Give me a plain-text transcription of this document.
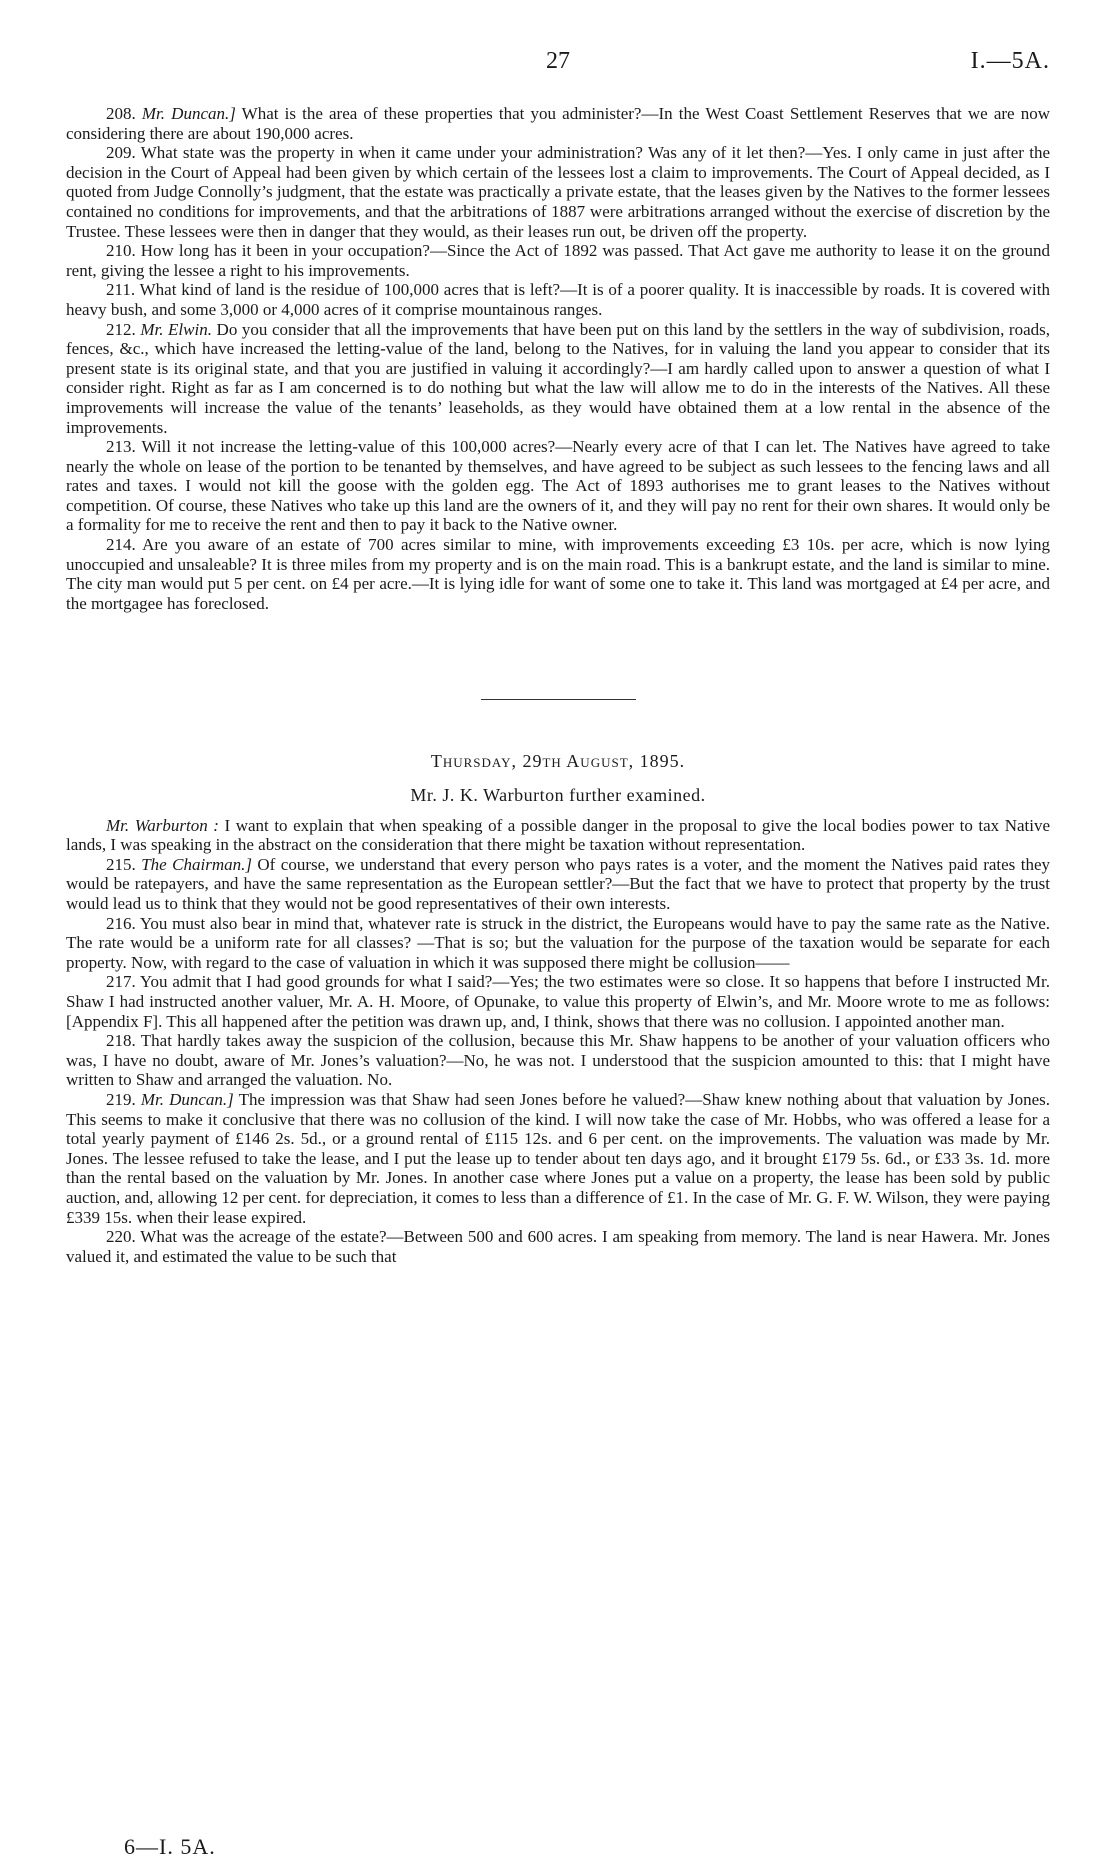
27	I.—5A.

208. Mr. Duncan.] What is the area of these properties that you administer?—In the West Coast Settlement Reserves that we are now considering there are about 190,000 acres.

209. What state was the property in when it came under your administration? Was any of it let then?—Yes. I only came in just after the decision in the Court of Appeal had been given by which certain of the lessees lost a claim to improvements. The Court of Appeal decided, as I quoted from Judge Connolly’s judgment, that the estate was practically a private estate, that the leases given by the Natives to the former lessees contained no conditions for improvements, and that the arbitrations of 1887 were arbitrations arranged without the exercise of discretion by the Trustee. These lessees were then in danger that they would, as their leases run out, be driven off the property.

210. How long has it been in your occupation?—Since the Act of 1892 was passed. That Act gave me authority to lease it on the ground rent, giving the lessee a right to his improvements.

211. What kind of land is the residue of 100,000 acres that is left?—It is of a poorer quality. It is inaccessible by roads. It is covered with heavy bush, and some 3,000 or 4,000 acres of it comprise mountainous ranges.

212. Mr. Elwin. Do you consider that all the improvements that have been put on this land by the settlers in the way of subdivision, roads, fences, &c., which have increased the letting-value of the land, belong to the Natives, for in valuing the land you appear to consider that its present state is its original state, and that you are justified in valuing it accordingly?—I am hardly called upon to answer a question of what I consider right. Right as far as I am concerned is to do nothing but what the law will allow me to do in the interests of the Natives. All these improvements will increase the value of the tenants’ leaseholds, as they would have obtained them at a low rental in the absence of the improvements.

213. Will it not increase the letting-value of this 100,000 acres?—Nearly every acre of that I can let. The Natives have agreed to take nearly the whole on lease of the portion to be tenanted by themselves, and have agreed to be subject as such lessees to the fencing laws and all rates and taxes. I would not kill the goose with the golden egg. The Act of 1893 authorises me to grant leases to the Natives without competition. Of course, these Natives who take up this land are the owners of it, and they will pay no rent for their own shares. It would only be a formality for me to receive the rent and then to pay it back to the Native owner.

214. Are you aware of an estate of 700 acres similar to mine, with improvements exceeding £3 10s. per acre, which is now lying unoccupied and unsaleable? It is three miles from my property and is on the main road. This is a bankrupt estate, and the land is similar to mine. The city man would put 5 per cent. on £4 per acre.—It is lying idle for want of some one to take it. This land was mortgaged at £4 per acre, and the mortgagee has foreclosed.

Thursday, 29th August, 1895.

Mr. J. K. Warburton further examined.

Mr. Warburton : I want to explain that when speaking of a possible danger in the proposal to give the local bodies power to tax Native lands, I was speaking in the abstract on the consideration that there might be taxation without representation.

215. The Chairman.] Of course, we understand that every person who pays rates is a voter, and the moment the Natives paid rates they would be ratepayers, and have the same representation as the European settler?—But the fact that we have to protect that property by the trust would lead us to think that they would not be good representatives of their own interests.

216. You must also bear in mind that, whatever rate is struck in the district, the Europeans would have to pay the same rate as the Native. The rate would be a uniform rate for all classes? —That is so; but the valuation for the purpose of the taxation would be separate for each property. Now, with regard to the case of valuation in which it was supposed there might be collusion——

217. You admit that I had good grounds for what I said?—Yes; the two estimates were so close. It so happens that before I instructed Mr. Shaw I had instructed another valuer, Mr. A. H. Moore, of Opunake, to value this property of Elwin’s, and Mr. Moore wrote to me as follows: [Appendix F]. This all happened after the petition was drawn up, and, I think, shows that there was no collusion. I appointed another man.

218. That hardly takes away the suspicion of the collusion, because this Mr. Shaw happens to be another of your valuation officers who was, I have no doubt, aware of Mr. Jones’s valuation?—No, he was not. I understood that the suspicion amounted to this: that I might have written to Shaw and arranged the valuation. No.

219. Mr. Duncan.] The impression was that Shaw had seen Jones before he valued?—Shaw knew nothing about that valuation by Jones. This seems to make it conclusive that there was no collusion of the kind. I will now take the case of Mr. Hobbs, who was offered a lease for a total yearly payment of £146 2s. 5d., or a ground rental of £115 12s. and 6 per cent. on the improvements. The valuation was made by Mr. Jones. The lessee refused to take the lease, and I put the lease up to tender about ten days ago, and it brought £179 5s. 6d., or £33 3s. 1d. more than the rental based on the valuation by Mr. Jones. In another case where Jones put a value on a property, the lease has been sold by public auction, and, allowing 12 per cent. for depreciation, it comes to less than a difference of £1. In the case of Mr. G. F. W. Wilson, they were paying £339 15s. when their lease expired.

220. What was the acreage of the estate?—Between 500 and 600 acres. I am speaking from memory. The land is near Hawera. Mr. Jones valued it, and estimated the value to be such that

6—I. 5A.
